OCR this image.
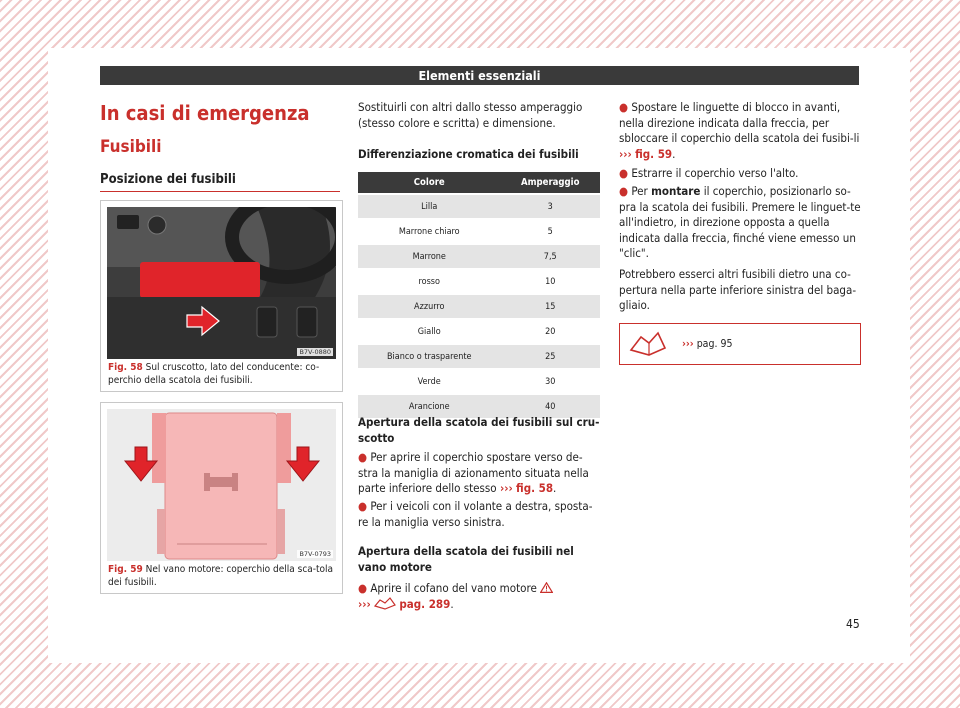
Elementi essenziali
In casi di emergenza
Fusibili
Posizione dei fusibili
B7V-0880
Fig. 58 Sul cruscotto, lato del conducente: co-perchio della scatola dei fusibili.
B7V-0793
Fig. 59 Nel vano motore: coperchio della sca-tola dei fusibili.
Sostituirli con altri dallo stesso amperaggio (stesso colore e scritta) e dimensione.
Differenziazione cromatica dei fusibili
Colore	Amperaggio
Lilla	3
Marrone chiaro	5
Marrone	7,5
rosso	10
Azzurro	15
Giallo	20
Bianco o trasparente	25
Verde	30
Arancione	40
Apertura della scatola dei fusibili sul cru-scotto
● Per aprire il coperchio spostare verso de-stra la maniglia di azionamento situata nella parte inferiore dello stesso ››› fig. 58.
● Per i veicoli con il volante a destra, sposta-re la maniglia verso sinistra.
Apertura della scatola dei fusibili nel vano motore
● Aprire il cofano del vano motore
››› pag. 289.
● Spostare le linguette di blocco in avanti, nella direzione indicata dalla freccia, per sbloccare il coperchio della scatola dei fusibi-li ››› fig. 59.
● Estrarre il coperchio verso l'alto.
● Per montare il coperchio, posizionarlo so-pra la scatola dei fusibili. Premere le linguet-te all'indietro, in direzione opposta a quella indicata dalla freccia, finché viene emesso un "clic".
Potrebbero esserci altri fusibili dietro una co-pertura nella parte inferiore sinistra del baga-gliaio.
››› pag. 95
45
